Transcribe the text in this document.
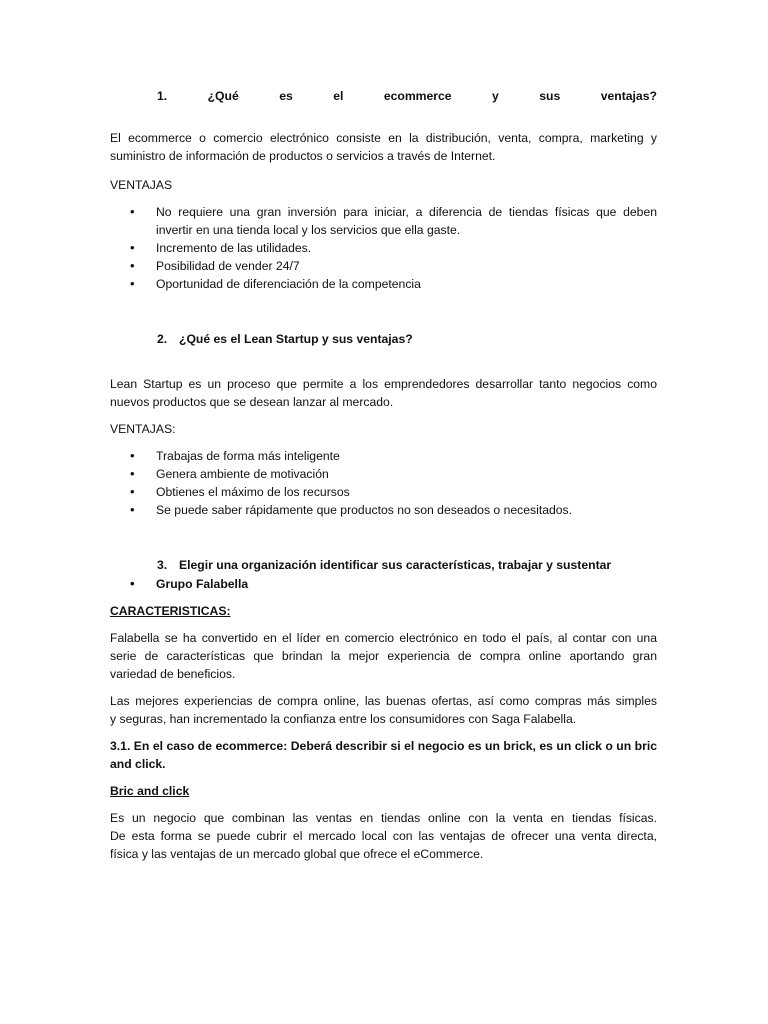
1.	¿Qué	es	el	ecommerce	y	sus	ventajas?
El ecommerce o comercio electrónico consiste en la distribución, venta, compra, marketing y
suministro de información de productos o servicios a través de Internet.
VENTAJAS
• No requiere una gran inversión para iniciar, a diferencia de tiendas físicas que deben
invertir en una tienda local y los servicios que ella gaste.
• Incremento de las utilidades.
• Posibilidad de vender 24/7
• Oportunidad de diferenciación de la competencia
2. ¿Qué es el Lean Startup y sus ventajas?
Lean Startup es un proceso que permite a los emprendedores desarrollar tanto negocios como
nuevos productos que se desean lanzar al mercado.
VENTAJAS:
• Trabajas de forma más inteligente
• Genera ambiente de motivación
• Obtienes el máximo de los recursos
• Se puede saber rápidamente que productos no son deseados o necesitados.
3. Elegir una organización identificar sus características, trabajar y sustentar
• Grupo Falabella
CARACTERISTICAS:
Falabella se ha convertido en el líder en comercio electrónico en todo el país, al contar con una
serie de características que brindan la mejor experiencia de compra online aportando gran
variedad de beneficios.
Las mejores experiencias de compra online, las buenas ofertas, así como compras más simples
y seguras, han incrementado la confianza entre los consumidores con Saga Falabella.
3.1. En el caso de ecommerce: Deberá describir si el negocio es un brick, es un click o un bric
and click.
Bric and click
Es un negocio que combinan las ventas en tiendas online con la venta en tiendas físicas.
De esta forma se puede cubrir el mercado local con las ventajas de ofrecer una venta directa,
física y las ventajas de un mercado global que ofrece el eCommerce.
